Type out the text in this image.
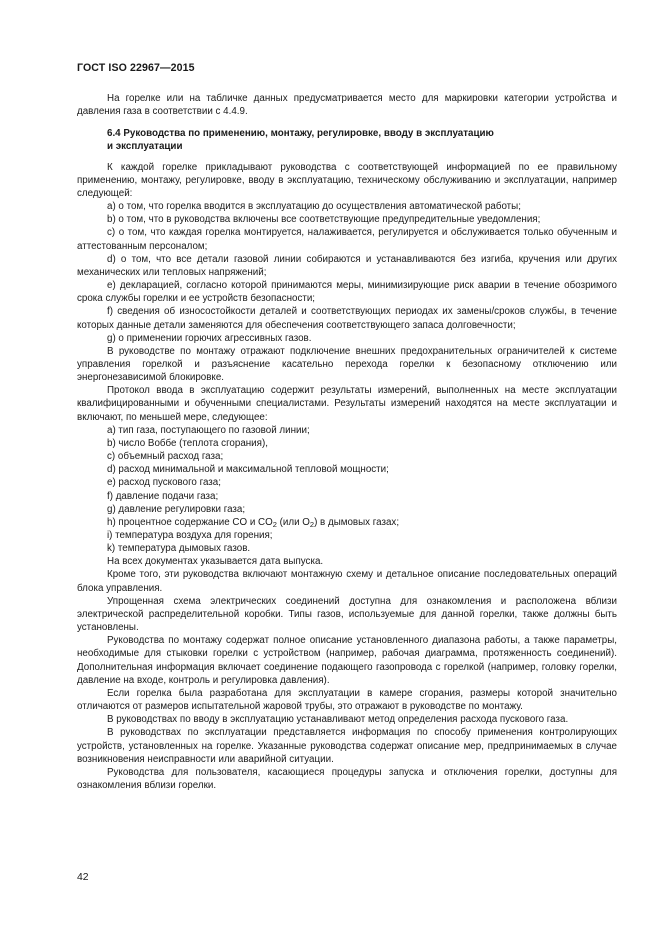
ГОСТ ISO 22967—2015

На горелке или на табличке данных предусматривается место для маркировки категории устройства и давления газа в соответствии с 4.4.9.

6.4 Руководства по применению, монтажу, регулировке, вводу в эксплуатацию
и эксплуатации

К каждой горелке прикладывают руководства с соответствующей информацией по ее правильному применению, монтажу, регулировке, вводу в эксплуатацию, техническому обслуживанию и эксплуатации, например следующей:

a) о том, что горелка вводится в эксплуатацию до осуществления автоматической работы;

b) о том, что в руководства включены все соответствующие предупредительные уведомления;

c) о том, что каждая горелка монтируется, налаживается, регулируется и обслуживается только обученным и аттестованным персоналом;

d) о том, что все детали газовой линии собираются и устанавливаются без изгиба, кручения или других механических или тепловых напряжений;

e) декларацией, согласно которой принимаются меры, минимизирующие риск аварии в течение обозримого срока службы горелки и ее устройств безопасности;

f) сведения об износостойкости деталей и соответствующих периодах их замены/сроков службы, в течение которых данные детали заменяются для обеспечения соответствующего запаса долговечности;

g) о применении горючих агрессивных газов.

В руководстве по монтажу отражают подключение внешних предохранительных ограничителей к системе управления горелкой и разъяснение касательно перехода горелки к безопасному отключению или энергонезависимой блокировке.

Протокол ввода в эксплуатацию содержит результаты измерений, выполненных на месте эксплуатации квалифицированными и обученными специалистами. Результаты измерений находятся на месте эксплуатации и включают, по меньшей мере, следующее:

a) тип газа, поступающего по газовой линии;

b) число Воббе (теплота сгорания),

c) объемный расход газа;

d) расход минимальной и максимальной тепловой мощности;

e) расход пускового газа;

f) давление подачи газа;

g) давление регулировки газа;

h) процентное содержание CO и $CO_2$ (или $O_2$) в дымовых газах;

i) температура воздуха для горения;

k) температура дымовых газов.

На всех документах указывается дата выпуска.

Кроме того, эти руководства включают монтажную схему и детальное описание последовательных операций блока управления.

Упрощенная схема электрических соединений доступна для ознакомления и расположена вблизи электрической распределительной коробки. Типы газов, используемые для данной горелки, также должны быть установлены.

Руководства по монтажу содержат полное описание установленного диапазона работы, а также параметры, необходимые для стыковки горелки с устройством (например, рабочая диаграмма, протяженность соединений). Дополнительная информация включает соединение подающего газопровода с горелкой (например, головку горелки, давление на входе, контроль и регулировка давления).

Если горелка была разработана для эксплуатации в камере сгорания, размеры которой значительно отличаются от размеров испытательной жаровой трубы, это отражают в руководстве по монтажу.

В руководствах по вводу в эксплуатацию устанавливают метод определения расхода пускового газа.

В руководствах по эксплуатации представляется информация по способу применения контролирующих устройств, установленных на горелке. Указанные руководства содержат описание мер, предпринимаемых в случае возникновения неисправности или аварийной ситуации.

Руководства для пользователя, касающиеся процедуры запуска и отключения горелки, доступны для ознакомления вблизи горелки.

42
